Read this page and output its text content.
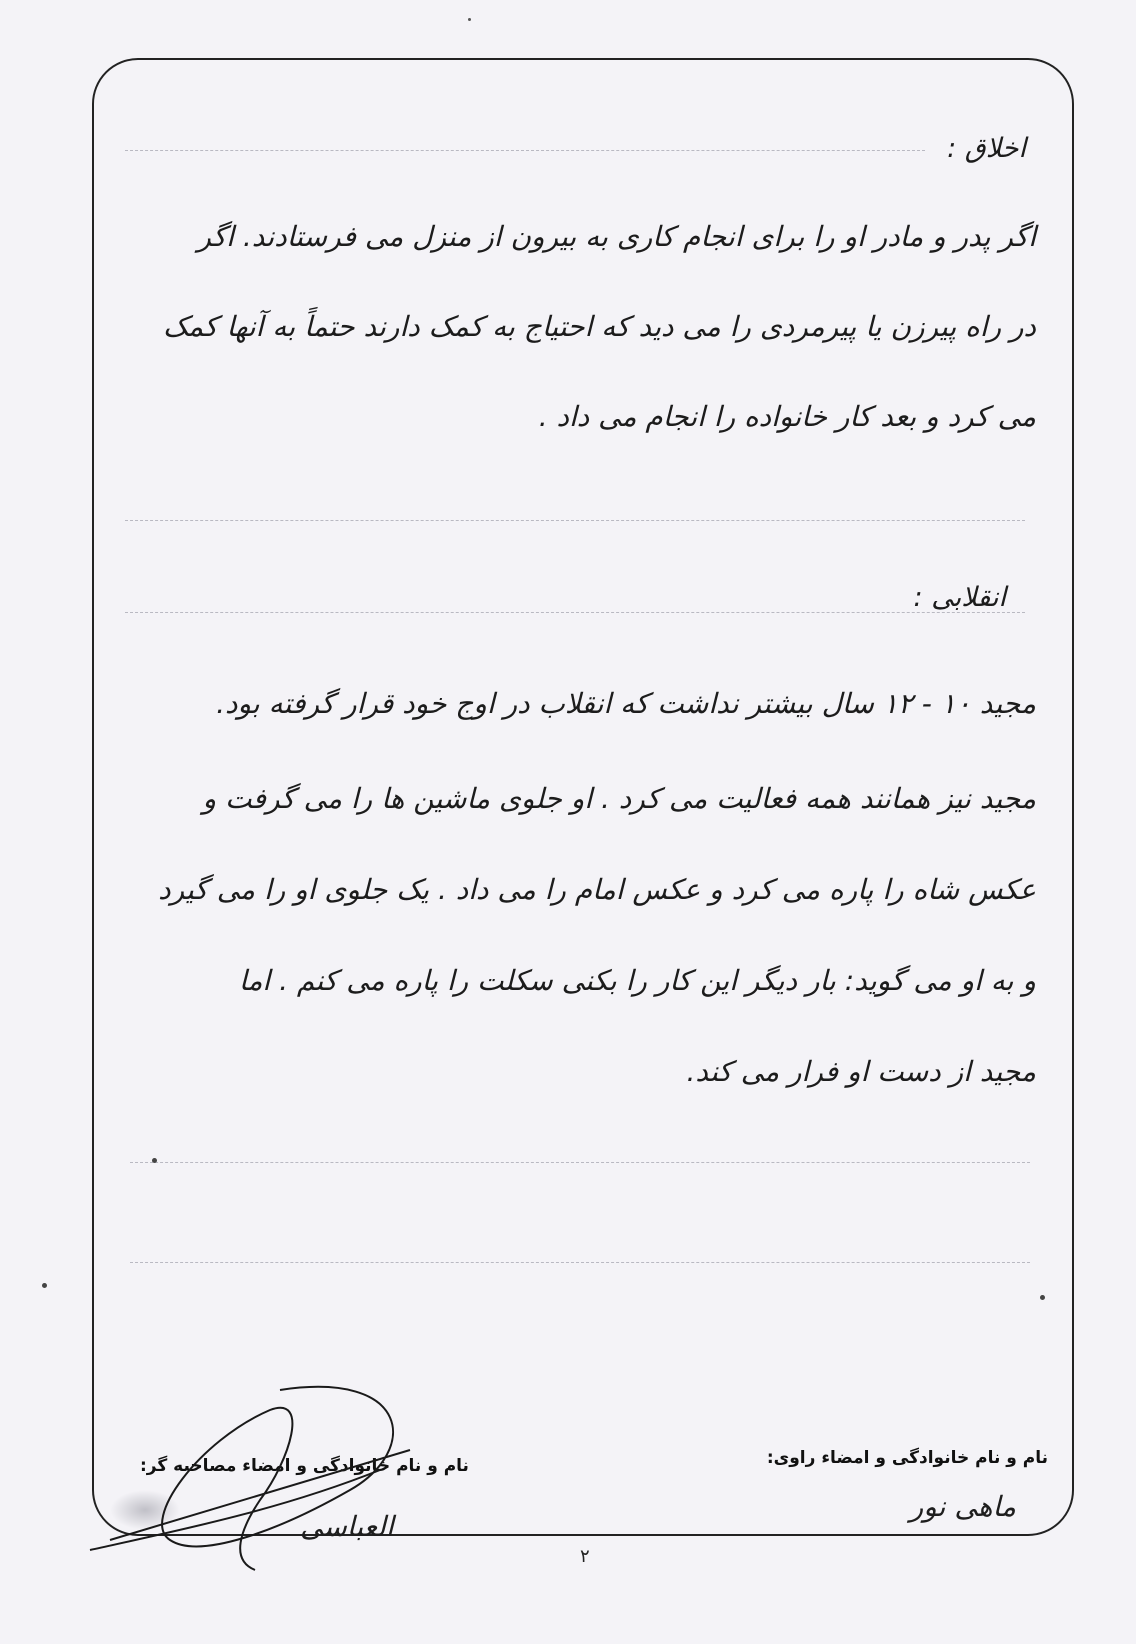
اخلاق :
اگر پدر و مادر او را برای انجام کاری به بیرون از منزل می فرستادند. اگر
در راه پیرزن یا پیرمردی را می دید که احتیاج به کمک دارند حتماً به آنها کمک
می کرد و بعد کار خانواده را انجام می داد .
انقلابی :
مجید ۱۰ - ۱۲ سال بیشتر نداشت که انقلاب در اوج خود قرار گرفته بود.
مجید نیز همانند همه فعالیت می کرد . او جلوی ماشین ها را می گرفت و
عکس شاه را پاره می کرد و عکس امام را می داد . یک جلوی او را می گیرد
و به او می گوید: بار دیگر این کار را بکنی سکلت را پاره می کنم . اما
مجید از دست او فرار می کند.
نام و نام خانوادگی و امضاء راوی:
ماهی نور
نام و نام خانوادگی و امضاء مصاحبه گر:
العباسی
۲
